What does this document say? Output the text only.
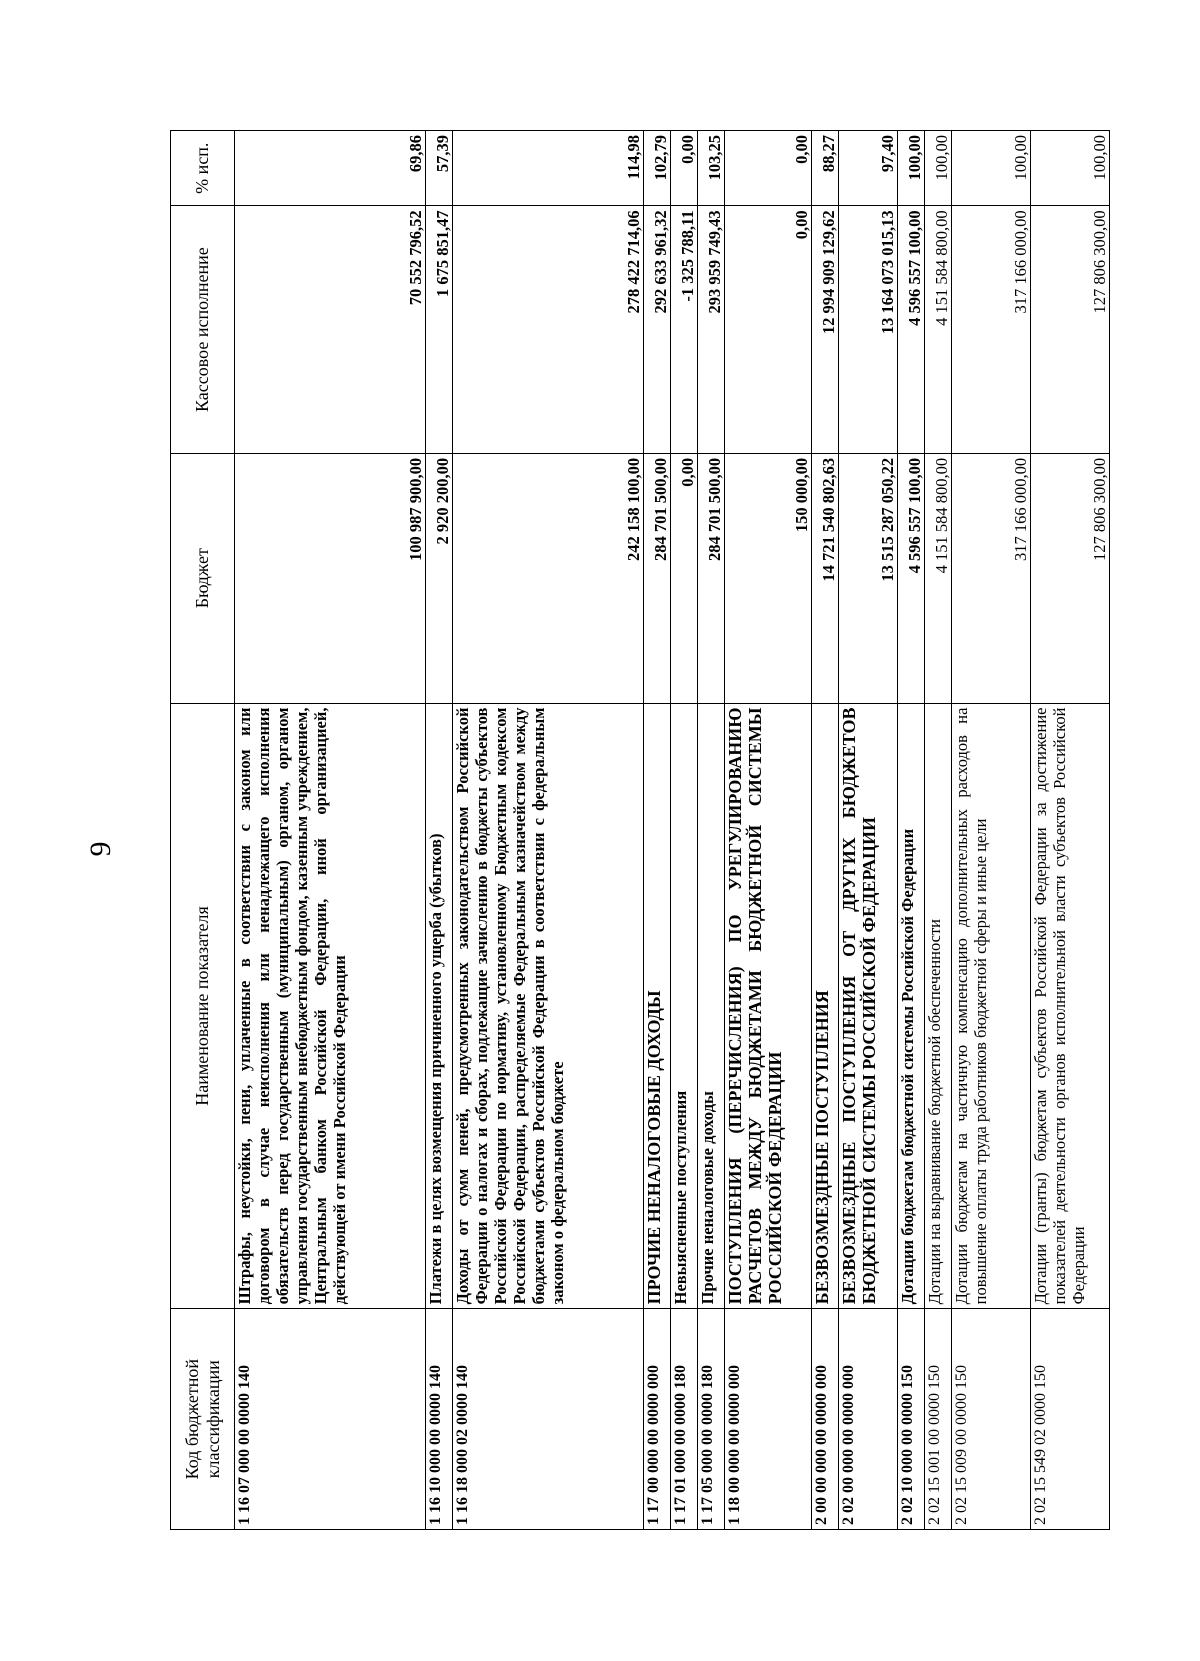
9
Код бюджетной классификации	Наименование показателя	Бюджет	Кассовое исполнение	% исп.
1 16 07 000 00 0000 140	Штрафы, неустойки, пени, уплаченные в соответствии с законом или договором в случае неисполнения или ненадлежащего исполнения обязательств перед государственным (муниципальным) органом, органом управления государственным внебюджетным фондом, казенным учреждением, Центральным банком Российской Федерации, иной организацией, действующей от имени Российской Федерации	100 987 900,00	70 552 796,52	69,86
1 16 10 000 00 0000 140	Платежи в целях возмещения причиненного ущерба (убытков)	2 920 200,00	1 675 851,47	57,39
1 16 18 000 02 0000 140	Доходы от сумм пеней, предусмотренных законодательством Российской Федерации о налогах и сборах, подлежащие зачислению в бюджеты субъектов Российской Федерации по нормативу, установленному Бюджетным кодексом Российской Федерации, распределяемые Федеральным казначейством между бюджетами субъектов Российской Федерации в соответствии с федеральным законом о федеральном бюджете	242 158 100,00	278 422 714,06	114,98
1 17 00 000 00 0000 000	ПРОЧИЕ НЕНАЛОГОВЫЕ ДОХОДЫ	284 701 500,00	292 633 961,32	102,79
1 17 01 000 00 0000 180	Невыясненные поступления	0,00	-1 325 788,11	0,00
1 17 05 000 00 0000 180	Прочие неналоговые доходы	284 701 500,00	293 959 749,43	103,25
1 18 00 000 00 0000 000	ПОСТУПЛЕНИЯ (ПЕРЕЧИСЛЕНИЯ) ПО УРЕГУЛИРОВАНИЮ РАСЧЕТОВ МЕЖДУ БЮДЖЕТАМИ БЮДЖЕТНОЙ СИСТЕМЫ РОССИЙСКОЙ ФЕДЕРАЦИИ	150 000,00	0,00	0,00
2 00 00 000 00 0000 000	БЕЗВОЗМЕЗДНЫЕ ПОСТУПЛЕНИЯ	14 721 540 802,63	12 994 909 129,62	88,27
2 02 00 000 00 0000 000	БЕЗВОЗМЕЗДНЫЕ ПОСТУПЛЕНИЯ ОТ ДРУГИХ БЮДЖЕТОВ БЮДЖЕТНОЙ СИСТЕМЫ РОССИЙСКОЙ ФЕДЕРАЦИИ	13 515 287 050,22	13 164 073 015,13	97,40
2 02 10 000 00 0000 150	Дотации бюджетам бюджетной системы Российской Федерации	4 596 557 100,00	4 596 557 100,00	100,00
2 02 15 001 00 0000 150	Дотации на выравнивание бюджетной обеспеченности	4 151 584 800,00	4 151 584 800,00	100,00
2 02 15 009 00 0000 150	Дотации бюджетам на частичную компенсацию дополнительных расходов на повышение оплаты труда работников бюджетной сферы и иные цели	317 166 000,00	317 166 000,00	100,00
2 02 15 549 02 0000 150	Дотации (гранты) бюджетам субъектов Российской Федерации за достижение показателей деятельности органов исполнительной власти субъектов Российской Федерации	127 806 300,00	127 806 300,00	100,00
